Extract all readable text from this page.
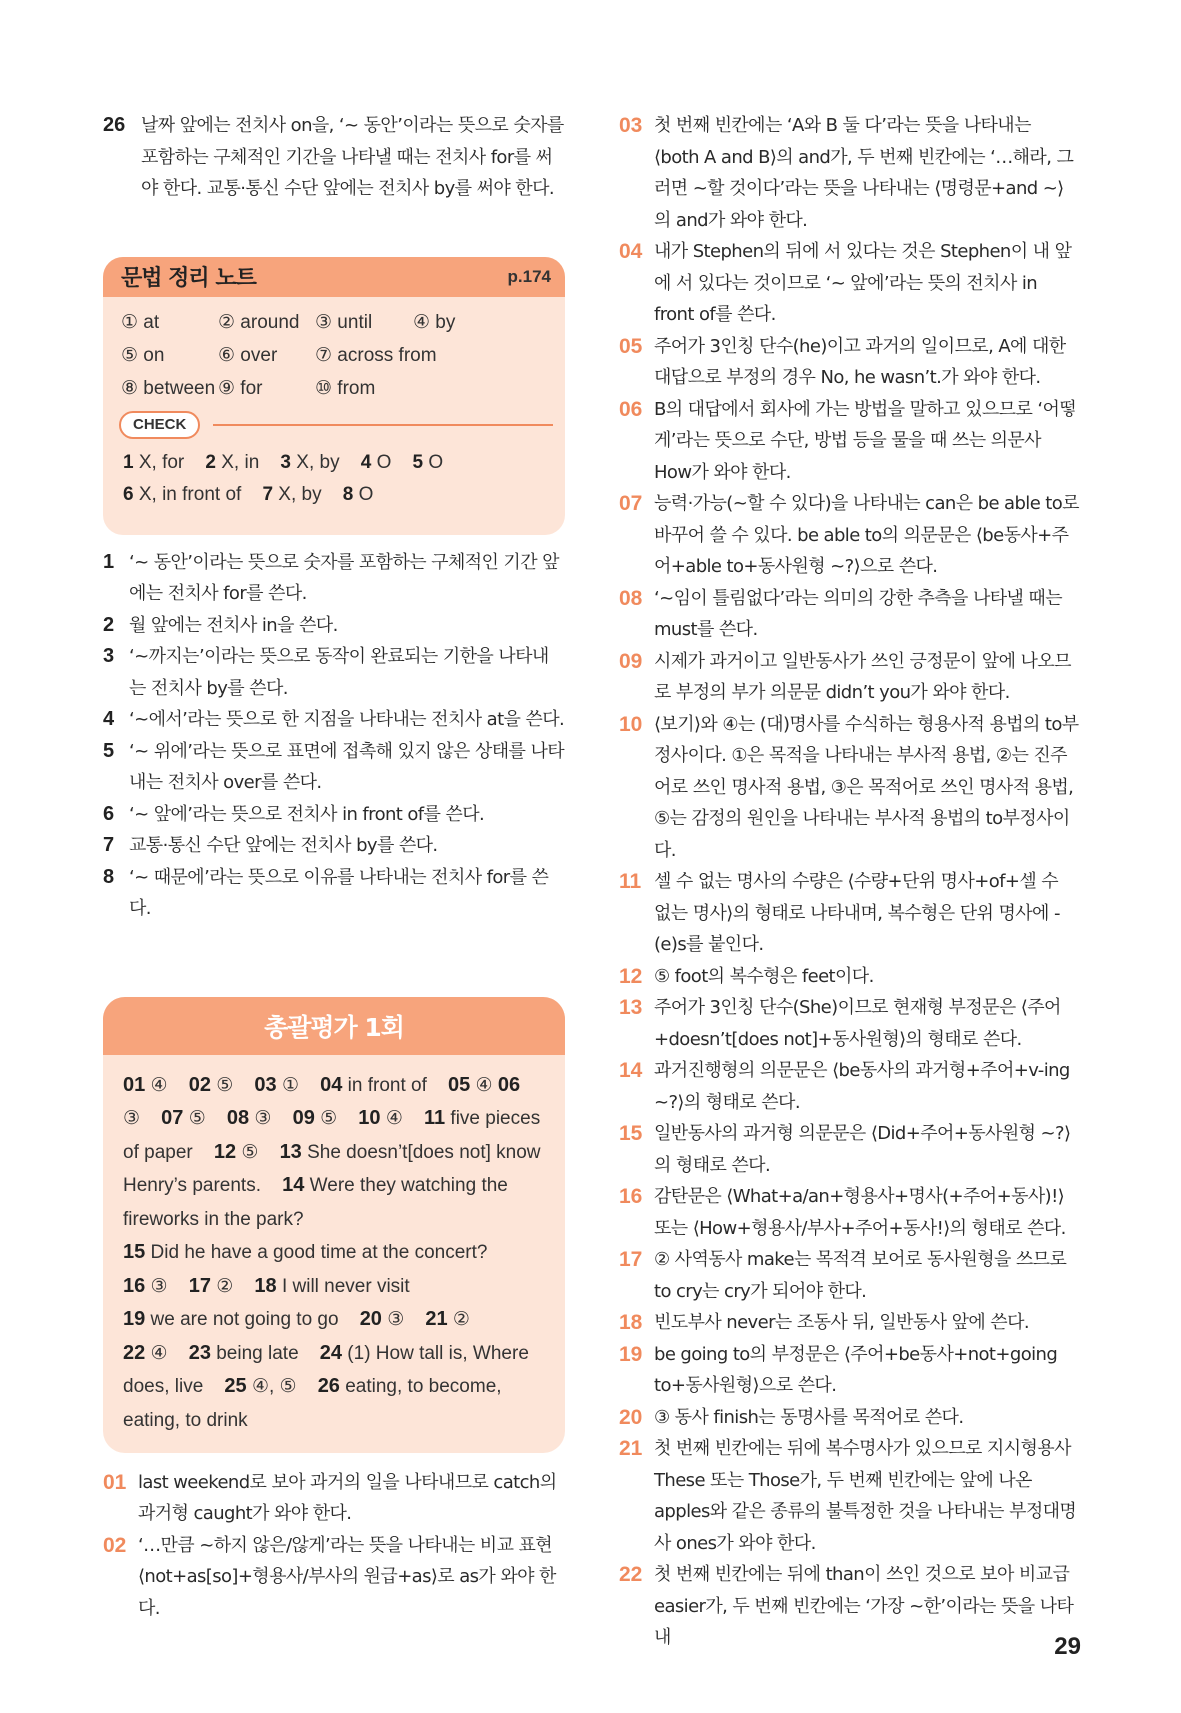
26 날짜 앞에는 전치사 on을, ‘~ 동안’이라는 뜻으로 숫자를 포함하는 구체적인 기간을 나타낼 때는 전치사 for를 써야 한다. 교통·통신 수단 앞에는 전치사 by를 써야 한다.
문법 정리 노트	p.174
① at	② around ③ until ④ by
⑤ on	⑥ over ⑦ across from
⑧ between ⑨ for	⑩ from
CHECK
1 X, for 2 X, in 3 X, by 4 O 5 O
6 X, in front of 7 X, by 8 O
1 ‘~ 동안’이라는 뜻으로 숫자를 포함하는 구체적인 기간 앞에는 전치사 for를 쓴다.
2 월 앞에는 전치사 in을 쓴다.
3 ‘~까지는’이라는 뜻으로 동작이 완료되는 기한을 나타내는 전치사 by를 쓴다.
4 ‘~에서’라는 뜻으로 한 지점을 나타내는 전치사 at을 쓴다.
5 ‘~ 위에’라는 뜻으로 표면에 접촉해 있지 않은 상태를 나타내는 전치사 over를 쓴다.
6 ‘~ 앞에’라는 뜻으로 전치사 in front of를 쓴다.
7 교통·통신 수단 앞에는 전치사 by를 쓴다.
8 ‘~ 때문에’라는 뜻으로 이유를 나타내는 전치사 for를 쓴다.
총괄평가 1회
01 ④ 02 ⑤ 03 ① 04 in front of 05 ④ 06 ③ 07 ⑤ 08 ③ 09 ⑤ 10 ④ 11 five pieces of paper 12 ⑤ 13 She doesn’t[does not] know Henry’s parents. 14 Were they watching the fireworks in the park?
15 Did he have a good time at the concert?
16 ③ 17 ② 18 I will never visit
19 we are not going to go 20 ③ 21 ②
22 ④ 23 being late 24 (1) How tall is, Where does, live 25 ④, ⑤ 26 eating, to become, eating, to drink
01 last weekend로 보아 과거의 일을 나타내므로 catch의 과거형 caught가 와야 한다.
02 ‘…만큼 ~하지 않은/않게’라는 뜻을 나타내는 비교 표현 ⟨not+as[so]+형용사/부사의 원급+as⟩로 as가 와야 한다.
03 첫 번째 빈칸에는 ‘A와 B 둘 다’라는 뜻을 나타내는 ⟨both A and B⟩의 and가, 두 번째 빈칸에는 ‘…해라, 그러면 ~할 것이다’라는 뜻을 나타내는 ⟨명령문+and ~⟩의 and가 와야 한다.
04 내가 Stephen의 뒤에 서 있다는 것은 Stephen이 내 앞에 서 있다는 것이므로 ‘~ 앞에’라는 뜻의 전치사 in front of를 쓴다.
05 주어가 3인칭 단수(he)이고 과거의 일이므로, A에 대한 대답으로 부정의 경우 No, he wasn’t.가 와야 한다.
06 B의 대답에서 회사에 가는 방법을 말하고 있으므로 ‘어떻게’라는 뜻으로 수단, 방법 등을 물을 때 쓰는 의문사 How가 와야 한다.
07 능력·가능(~할 수 있다)을 나타내는 can은 be able to로 바꾸어 쓸 수 있다. be able to의 의문문은 ⟨be동사+주어+able to+동사원형 ~?⟩으로 쓴다.
08 ‘~임이 틀림없다’라는 의미의 강한 추측을 나타낼 때는 must를 쓴다.
09 시제가 과거이고 일반동사가 쓰인 긍정문이 앞에 나오므로 부정의 부가 의문문 didn’t you가 와야 한다.
10 ⟨보기⟩와 ④는 (대)명사를 수식하는 형용사적 용법의 to부정사이다. ①은 목적을 나타내는 부사적 용법, ②는 진주어로 쓰인 명사적 용법, ③은 목적어로 쓰인 명사적 용법, ⑤는 감정의 원인을 나타내는 부사적 용법의 to부정사이다.
11 셀 수 없는 명사의 수량은 ⟨수량+단위 명사+of+셀 수 없는 명사⟩의 형태로 나타내며, 복수형은 단위 명사에 -(e)s를 붙인다.
12 ⑤ foot의 복수형은 feet이다.
13 주어가 3인칭 단수(She)이므로 현재형 부정문은 ⟨주어+doesn’t[does not]+동사원형⟩의 형태로 쓴다.
14 과거진행형의 의문문은 ⟨be동사의 과거형+주어+v-ing ~?⟩의 형태로 쓴다.
15 일반동사의 과거형 의문문은 ⟨Did+주어+동사원형 ~?⟩의 형태로 쓴다.
16 감탄문은 ⟨What+a/an+형용사+명사(+주어+동사)!⟩ 또는 ⟨How+형용사/부사+주어+동사!⟩의 형태로 쓴다.
17 ② 사역동사 make는 목적격 보어로 동사원형을 쓰므로 to cry는 cry가 되어야 한다.
18 빈도부사 never는 조동사 뒤, 일반동사 앞에 쓴다.
19 be going to의 부정문은 ⟨주어+be동사+not+going to+동사원형⟩으로 쓴다.
20 ③ 동사 finish는 동명사를 목적어로 쓴다.
21 첫 번째 빈칸에는 뒤에 복수명사가 있으므로 지시형용사 These 또는 Those가, 두 번째 빈칸에는 앞에 나온 apples와 같은 종류의 불특정한 것을 나타내는 부정대명사 ones가 와야 한다.
22 첫 번째 빈칸에는 뒤에 than이 쓰인 것으로 보아 비교급 easier가, 두 번째 빈칸에는 ‘가장 ~한’이라는 뜻을 나타내	29
